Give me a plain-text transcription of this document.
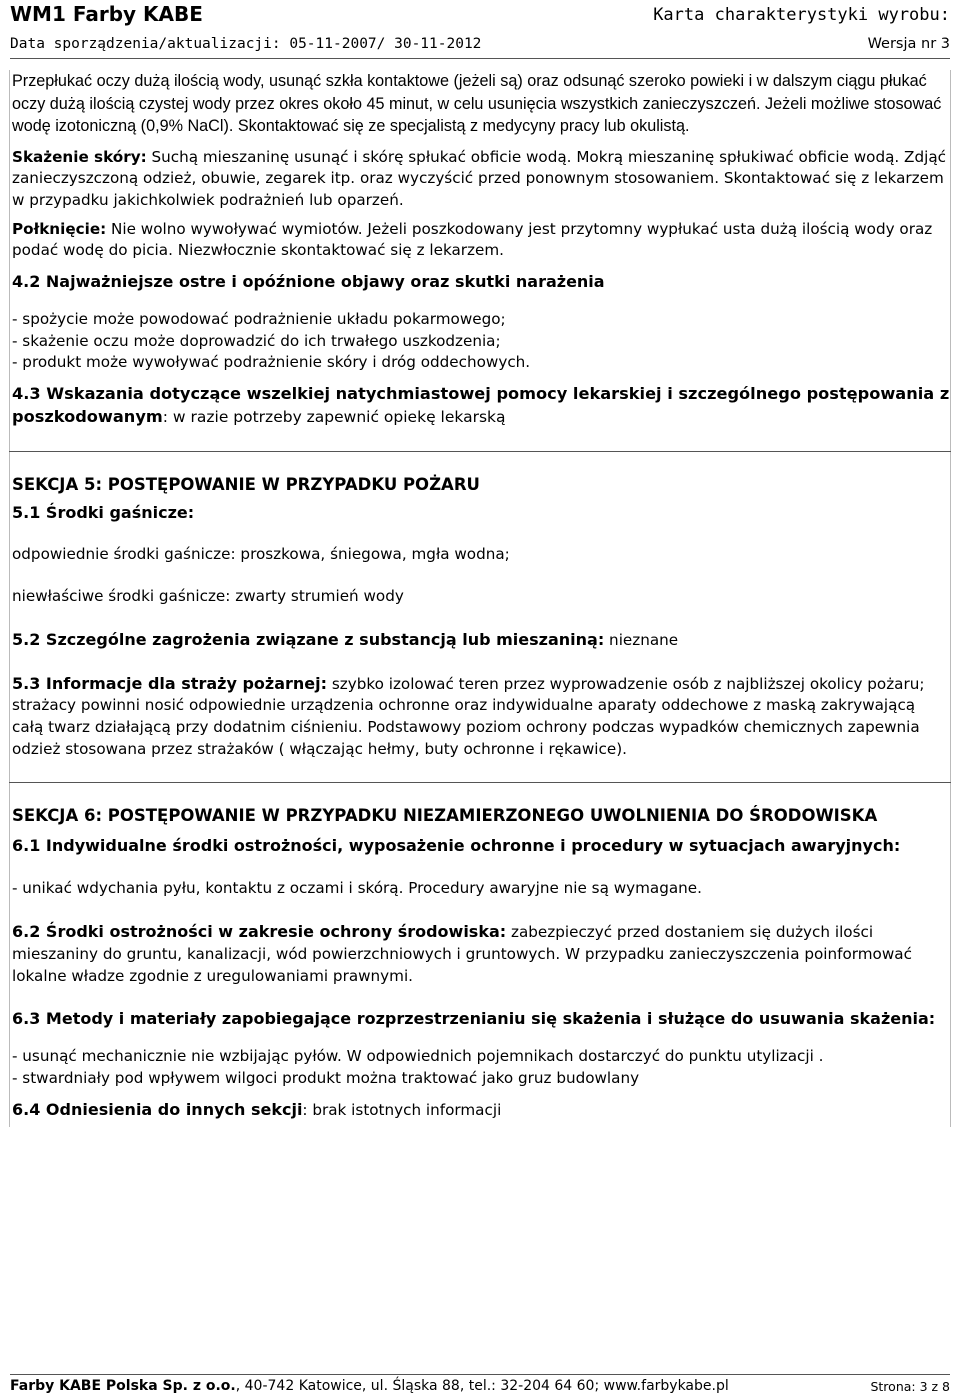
WM1 Farby KABE	Karta charakterystyki wyrobu:
Data sporządzenia/aktualizacji: 05-11-2007/ 30-11-2012	Wersja nr 3

Przepłukać oczy dużą ilością wody, usunąć szkła kontaktowe (jeżeli są) oraz odsunąć szeroko powieki i w dalszym ciągu płukać oczy dużą ilością czystej wody przez okres około 45 minut, w celu usunięcia wszystkich zanieczyszczeń. Jeżeli możliwe stosować wodę izotoniczną (0,9% NaCl). Skontaktować się ze specjalistą z medycyny pracy lub okulistą.

Skażenie skóry: Suchą mieszaninę usunąć i skórę spłukać obficie wodą. Mokrą mieszaninę spłukiwać obficie wodą. Zdjąć zanieczyszczoną odzież, obuwie, zegarek itp. oraz wyczyścić przed ponownym stosowaniem. Skontaktować się z lekarzem w przypadku jakichkolwiek podrażnień lub oparzeń.

Połknięcie: Nie wolno wywoływać wymiotów. Jeżeli poszkodowany jest przytomny wypłukać usta dużą ilością wody oraz podać wodę do picia. Niezwłocznie skontaktować się z lekarzem.

4.2 Najważniejsze ostre i opóźnione objawy oraz skutki narażenia
- spożycie może powodować podrażnienie układu pokarmowego;
- skażenie oczu może doprowadzić do ich trwałego uszkodzenia;
- produkt może wywoływać podrażnienie skóry i dróg oddechowych.

4.3 Wskazania dotyczące wszelkiej natychmiastowej pomocy lekarskiej i szczególnego postępowania z poszkodowanym: w razie potrzeby zapewnić opiekę lekarską

SEKCJA 5: POSTĘPOWANIE W PRZYPADKU POŻARU
5.1 Środki gaśnicze:

odpowiednie środki gaśnicze: proszkowa, śniegowa, mgła wodna;

niewłaściwe środki gaśnicze: zwarty strumień wody

5.2 Szczególne zagrożenia związane z substancją lub mieszaniną: nieznane

5.3 Informacje dla straży pożarnej: szybko izolować teren przez wyprowadzenie osób z najbliższej okolicy pożaru; strażacy powinni nosić odpowiednie urządzenia ochronne oraz indywidualne aparaty oddechowe z maską zakrywającą całą twarz działającą przy dodatnim ciśnieniu. Podstawowy poziom ochrony podczas wypadków chemicznych zapewnia odzież stosowana przez strażaków ( włączając hełmy, buty ochronne i rękawice).

SEKCJA 6: POSTĘPOWANIE W PRZYPADKU NIEZAMIERZONEGO UWOLNIENIA DO ŚRODOWISKA
6.1 Indywidualne środki ostrożności, wyposażenie ochronne i procedury w sytuacjach awaryjnych:

- unikać wdychania pyłu, kontaktu z oczami i skórą. Procedury awaryjne nie są wymagane.

6.2 Środki ostrożności w zakresie ochrony środowiska: zabezpieczyć przed dostaniem się dużych ilości mieszaniny do gruntu, kanalizacji, wód powierzchniowych i gruntowych. W przypadku zanieczyszczenia poinformować lokalne władze zgodnie z uregulowaniami prawnymi.

6.3 Metody i materiały zapobiegające rozprzestrzenianiu się skażenia i służące do usuwania skażenia:

- usunąć mechanicznie nie wzbijając pyłów. W odpowiednich pojemnikach dostarczyć do punktu utylizacji .

- stwardniały pod wpływem wilgoci produkt można traktować jako gruz budowlany

6.4 Odniesienia do innych sekcji: brak istotnych informacji

Farby KABE Polska Sp. z o.o., 40-742 Katowice, ul. Śląska 88, tel.: 32-204 64 60; www.farbykabe.pl	Strona: 3 z 8
